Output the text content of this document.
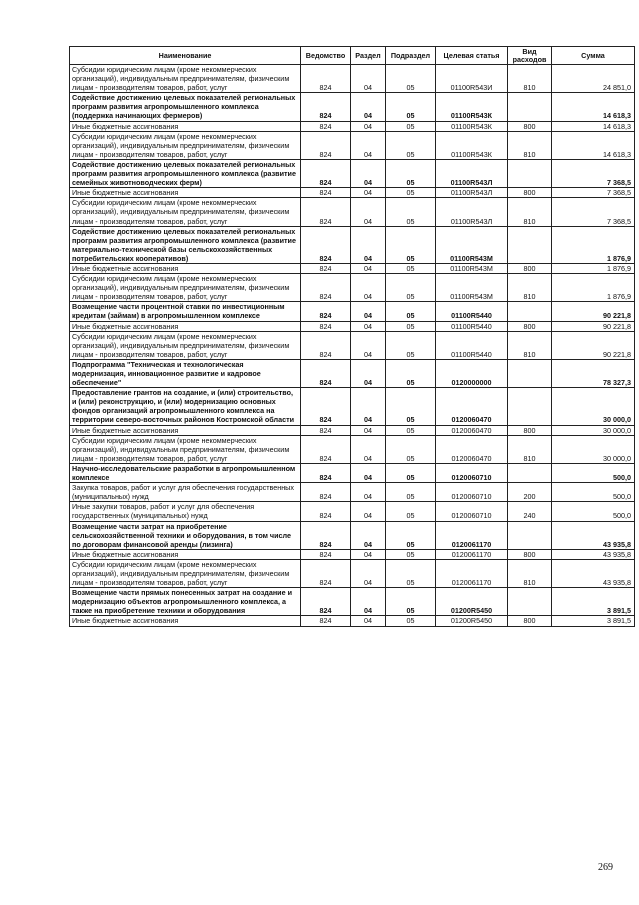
Наименование	Ведомство	Раздел	Подраздел	Целевая статья	Вид расходов	Сумма
Субсидии юридическим лицам (кроме некоммерческих организаций), индивидуальным предпринимателям, физическим лицам - производителям товаров, работ, услуг	824	04	05	01100R543И	810	24 851,0
Содействие достижению целевых показателей региональных программ развития агропромышленного комплекса (поддержка начинающих фермеров)	824	04	05	01100R543К		14 618,3
Иные бюджетные ассигнования	824	04	05	01100R543К	800	14 618,3
Субсидии юридическим лицам (кроме некоммерческих организаций), индивидуальным предпринимателям, физическим лицам - производителям товаров, работ, услуг	824	04	05	01100R543К	810	14 618,3
Содействие достижению целевых показателей региональных программ развития агропромышленного комплекса (развитие семейных животноводческих ферм)	824	04	05	01100R543Л		7 368,5
Иные бюджетные ассигнования	824	04	05	01100R543Л	800	7 368,5
Субсидии юридическим лицам (кроме некоммерческих организаций), индивидуальным предпринимателям, физическим лицам - производителям товаров, работ, услуг	824	04	05	01100R543Л	810	7 368,5
Содействие достижению целевых показателей региональных программ развития агропромышленного комплекса (развитие материально-технической базы сельскохозяйственных потребительских кооперативов)	824	04	05	01100R543М		1 876,9
Иные бюджетные ассигнования	824	04	05	01100R543М	800	1 876,9
Субсидии юридическим лицам (кроме некоммерческих организаций), индивидуальным предпринимателям, физическим лицам - производителям товаров, работ, услуг	824	04	05	01100R543М	810	1 876,9
Возмещение части процентной ставки по инвестиционным кредитам (займам) в агропромышленном комплексе	824	04	05	01100R5440		90 221,8
Иные бюджетные ассигнования	824	04	05	01100R5440	800	90 221,8
Субсидии юридическим лицам (кроме некоммерческих организаций), индивидуальным предпринимателям, физическим лицам - производителям товаров, работ, услуг	824	04	05	01100R5440	810	90 221,8
Подпрограмма "Техническая и технологическая модернизация, инновационное развитие и кадровое обеспечение"	824	04	05	0120000000		78 327,3
Предоставление грантов на создание, и (или) строительство, и (или) реконструкцию, и (или) модернизацию основных фондов организаций агропромышленного комплекса на территории северо-восточных районов Костромской области	824	04	05	0120060470		30 000,0
Иные бюджетные ассигнования	824	04	05	0120060470	800	30 000,0
Субсидии юридическим лицам (кроме некоммерческих организаций), индивидуальным предпринимателям, физическим лицам - производителям товаров, работ, услуг	824	04	05	0120060470	810	30 000,0
Научно-исследовательские разработки в агропромышленном комплексе	824	04	05	0120060710		500,0
Закупка товаров, работ и услуг для обеспечения государственных (муниципальных) нужд	824	04	05	0120060710	200	500,0
Иные закупки товаров, работ и услуг для обеспечения государственных (муниципальных) нужд	824	04	05	0120060710	240	500,0
Возмещение части затрат на приобретение сельскохозяйственной техники и оборудования, в том числе по договорам финансовой аренды (лизинга)	824	04	05	0120061170		43 935,8
Иные бюджетные ассигнования	824	04	05	0120061170	800	43 935,8
Субсидии юридическим лицам (кроме некоммерческих организаций), индивидуальным предпринимателям, физическим лицам - производителям товаров, работ, услуг	824	04	05	0120061170	810	43 935,8
Возмещение части прямых понесенных затрат на создание и модернизацию объектов агропромышленного комплекса, а также на приобретение техники и оборудования	824	04	05	01200R5450		3 891,5
Иные бюджетные ассигнования	824	04	05	01200R5450	800	3 891,5
269
